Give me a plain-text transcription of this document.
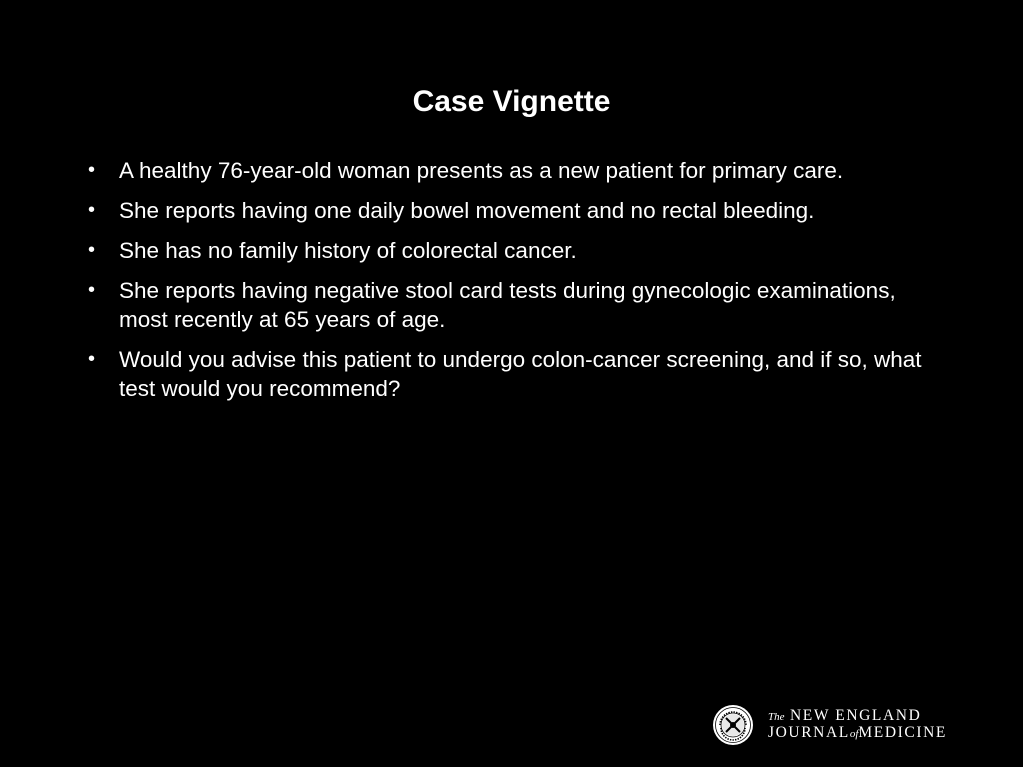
Case Vignette
• A healthy 76-year-old woman presents as a new patient for primary care.
• She reports having one daily bowel movement and no rectal bleeding.
• She has no family history of colorectal cancer.
• She reports having negative stool card tests during gynecologic examinations, most recently at 65 years of age.
• Would you advise this patient to undergo colon-cancer screening, and if so, what test would you recommend?
The NEW ENGLAND
JOURNALofMEDICINE
